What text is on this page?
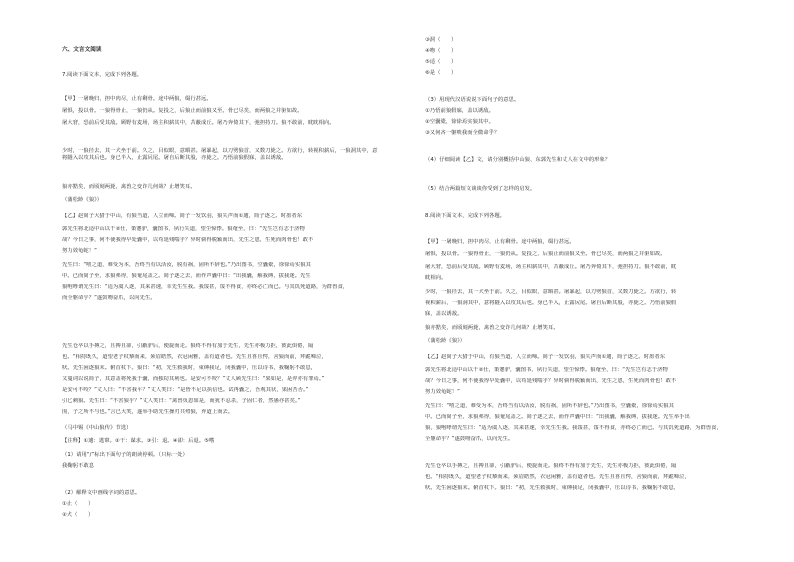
六、文言文阅读
7.阅读下面文本，完成下列各题。
【甲】一屠晚归，担中肉尽，止有剩骨。途中两狼，缀行甚远。
屠惧，投以骨。一狼得骨止，一狼仍从。复投之，后狼止而前狼又至。骨已尽矣，而两狼之并驱如故。
屠大窘，恐前后受其敌。顾野有麦场，场主积薪其中，苫蔽成丘。屠乃奔倚其下，弛担持刀。狼不敢前，眈眈相向。
少时，一狼径去，其一犬坐于前。久之，目似瞑，意暇甚。屠暴起，以刀劈狼首，又数刀毙之。方欲行，转视积薪后，一狼洞其中，意将隧入以攻其后也。身已半入，止露尻尾。屠自后断其股，亦毙之。乃悟前狼假寐，盖以诱敌。
狼亦黠矣，而顷刻两毙，禽兽之变诈几何哉？止增笑耳。
（蒲松龄《狼》）
【乙】赵简子大猎于中山，有狼当道，人立而啼。简子一发饮羽，狼失声而①逋，简子逐之。时墨者东
郭先生将北适中山以干②仕，策蹇驴，囊图书，夙行失道，望尘惊悸。狼奄至，曰：“先生岂有志于济物
哉？今日之事，何不使我得早处囊中，以苟延残喘乎？异时倘得脱颖而出，先生之恩，生死而肉骨也！敢不
努力效龟蛇！”
先生曰：“嘻之道，难受为本，吾终当有以活汝，脱有祸，固所不辞也。”乃出图书，空囊橐，徐徐焉实狼其
中。已而简子至，求狼弗得，狼奄尾盖之。简子逐之去，而作声囊中曰：“出我囊，解我缚，拔我迷。先生
狼咆哮谓先生曰：“适为虞人逐，其来甚速，幸先生生我。我馁甚，馁不得食，亦终必亡而已。与其饥死道路，为群兽食，
而全躯命乎？”遂鼓吻奋爪，以向先生。
先生仓卒以手搏之，且搏且卻，引蔽驴后，便旋而走。狼终不得有加于先生，先生亦极力拒，彼此俱倦，隔
也。“相持既久，道望老子杖藜而来，须眉皓然，衣冠闲雅，盖有道者也。先生且喜且愕，舍狼而前，拜跪啼泣，
吠。先生困逐狼末。俯首杖下。狼曰：“初，先生救我时，束缚我足，闭我囊中，压以诗书，我鞠躬不敢息，
又蔓词以说简子，其意盖将死我于囊，而独窃其利也。是安可不咬？”丈人顾先生曰：“果如是，是羿亦有罪焉。”
是安可不咬？”丈人曰：“不害我平？”丈人笑曰：“是皆不足以执信也。试再囊之，吾观其状，果困苦否。”
引匕刺狼。先生曰：“不害狼乎？”丈人笑曰：“禽兽负恩如是，而犹不忍杀，子固仁者，然愚亦甚矣。”
围，子之所不与也。”言已大笑，遂举手助先生操刃共殪狼，弃道上而去。
（马中锡《中山狼传》节选）
【注释】①逋：逃窜。②干：谋求。③引：退。④卻：后退。⑤嗜
（1）请用“/”标出下面句子的朗读停顿。（只标一处）
我鞠躬不敢息
（2）解释文中画线字词的意思。
①止（　　）
②犬（　　）
③洞（　　）
④吻（　　）
⑤适（　　）
⑥是（　　）
（3）用现代汉语说说下面句子的意思。
①乃悟前狼假寐，盖以诱敌。
②空囊橐，徐徐焉实狼其中。
③又何吝一躯啖我而全微命乎？
（4）仔细阅读【乙】文，请分别概括中山狼、东郭先生和丈人在文中的形象？
（5）结合两篇短文谈谈你受到了怎样的启发。
8.阅读下面文本，完成下列各题。
【甲】一屠晚归，担中肉尽，止有剩骨。途中两狼，缀行甚远。
屠惧，投以骨。一狼得骨止，一狼仍从。复投之，后狼止而前狼又至。骨已尽矣，而两狼之并驱如故。
屠大窘，恐前后受其敌。顾野有麦场，场主积薪其中，苫蔽成丘。屠乃奔倚其下，弛担持刀。狼不敢前，眈
眈相向。
少时，一狼径去，其一犬坐于前。久之，目似瞑，意暇甚。屠暴起，以刀劈狼首，又数刀毙之。方欲行，转
视积薪后，一狼洞其中，意将隧入以攻其后也。身已半入，止露尻尾。屠自后断其股，亦毙之。乃悟前狼假
寐，盖以诱敌。
狼亦黠矣，而顷刻两毙，禽兽之变诈几何哉？止增笑耳。
（蒲松龄《狼》）
【乙】赵简子大猎于中山，有狼当道，人立而啼。简子一发饮羽，狼失声而①逋，简子逐之。时墨者东
郭先生将北适中山以干②仕，策蹇驴，囊图书，夙行失道，望尘惊悸。狼奄至，曰：“先生岂有志于济物
哉？今日之事，何不使我得早处囊中，以苟延残喘乎？异时倘得脱颖而出，先生之恩，生死而肉骨也！敢不
努力效龟蛇！”
先生曰：“嘻之道，难受为本，吾终当有以活汝，脱有祸，固所不辞也。”乃出图书，空囊橐，徐徐焉实狼其
中。已而简子至，求狼弗得，狼奄尾盖之。简子逐之去，而作声囊中曰：“出我囊，解我缚，拔我迷。先生举手出
狼，狼咆哮谓先生曰：“适为虞人逐，其来甚速，幸先生生我。我馁甚，馁不得食，亦终必亡而已。与其饥死道路，为群兽食，
全躯命乎？”遂鼓吻奋爪，以向先生。
先生仓卒以手搏之，且搏且卻，引蔽驴后，便旋而走。狼终不得有加于先生，先生亦极力拒，彼此俱倦，隔
也。“相持既久，道望老子杖藜而来，须眉皓然，衣冠闲雅，盖有道者也。先生且喜且愕，舍狼而前，拜跪啼泣，
吠。先生困逐狼末。俯首杖下。狼曰：“初，先生救我时，束缚我足，闭我囊中，压以诗书，我鞠躬不敢息，
